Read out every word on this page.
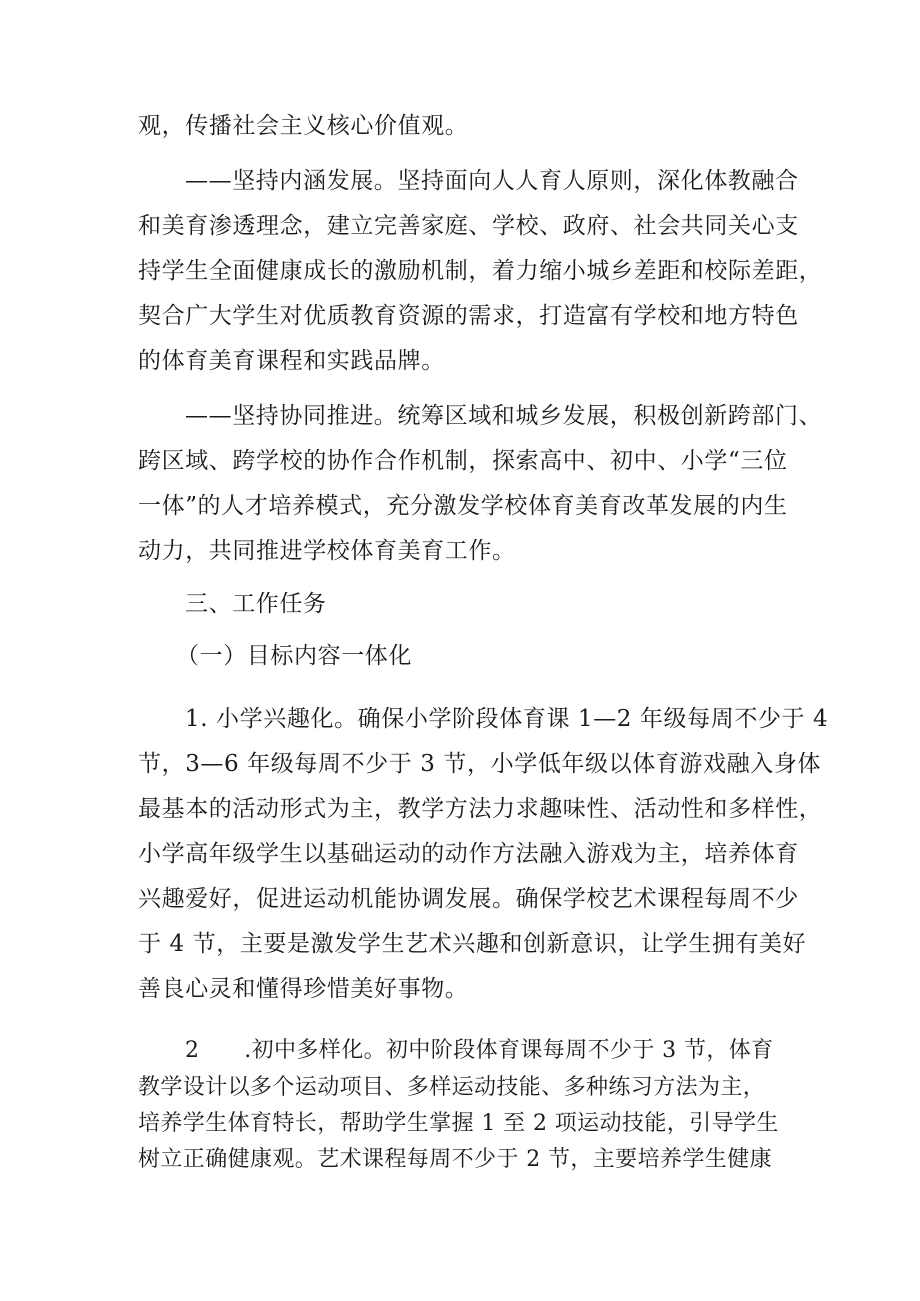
观，传播社会主义核心价值观。

——坚持内涵发展。坚持面向人人育人原则，深化体教融合

和美育渗透理念，建立完善家庭、学校、政府、社会共同关心支

持学生全面健康成长的激励机制，着力缩小城乡差距和校际差距，

契合广大学生对优质教育资源的需求，打造富有学校和地方特色

的体育美育课程和实践品牌。

——坚持协同推进。统筹区域和城乡发展，积极创新跨部门、

跨区域、跨学校的协作合作机制，探索高中、初中、小学“三位

一体”的人才培养模式，充分激发学校体育美育改革发展的内生

动力，共同推进学校体育美育工作。

三、工作任务

（一）目标内容一体化

1. 小学兴趣化。确保小学阶段体育课 1—2 年级每周不少于 4

节，3—6 年级每周不少于 3 节，小学低年级以体育游戏融入身体

最基本的活动形式为主，教学方法力求趣味性、活动性和多样性，

小学高年级学生以基础运动的动作方法融入游戏为主，培养体育

兴趣爱好，促进运动机能协调发展。确保学校艺术课程每周不少

于 4 节，主要是激发学生艺术兴趣和创新意识，让学生拥有美好

善良心灵和懂得珍惜美好事物。

2　　.初中多样化。初中阶段体育课每周不少于 3 节，体育

教学设计以多个运动项目、多样运动技能、多种练习方法为主，

培养学生体育特长，帮助学生掌握 1 至 2 项运动技能，引导学生

树立正确健康观。艺术课程每周不少于 2 节，主要培养学生健康
